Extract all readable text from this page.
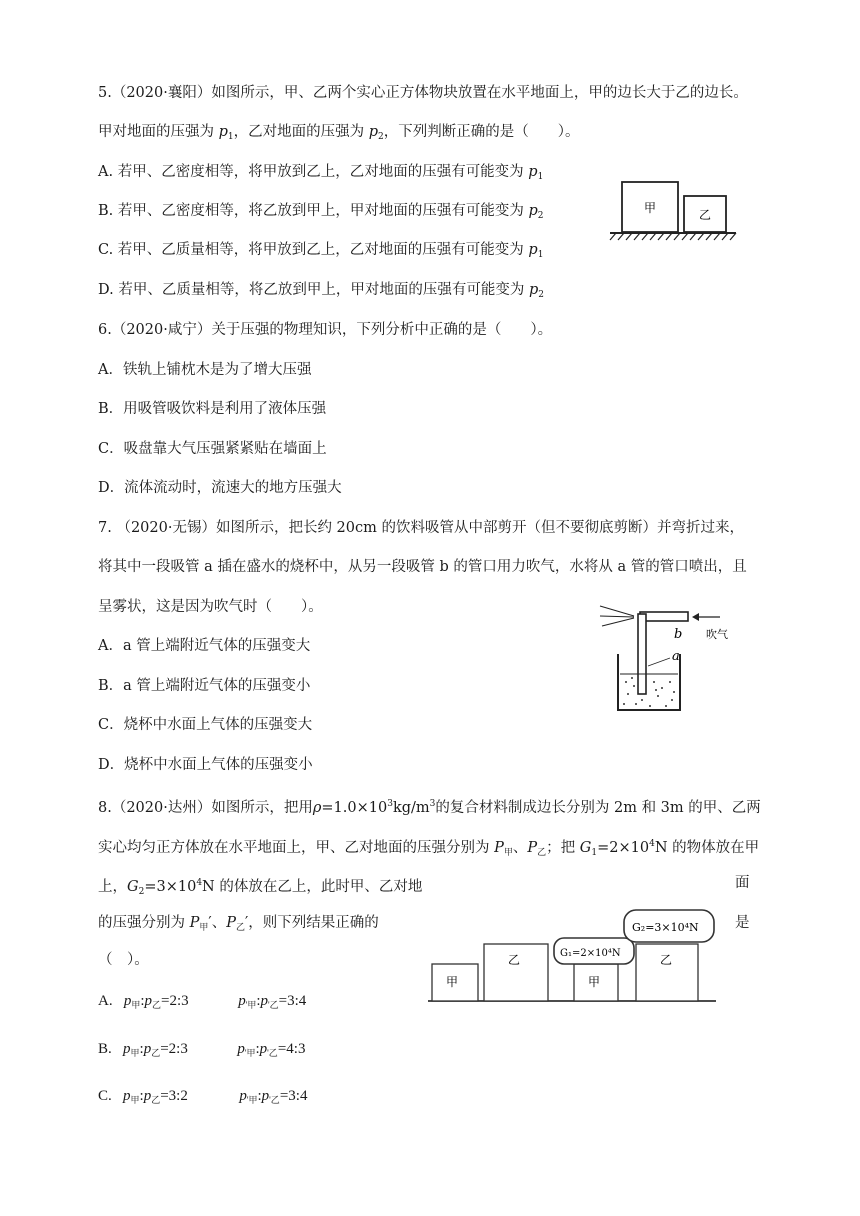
5.（2020·襄阳）如图所示，甲、乙两个实心正方体物块放置在水平地面上，甲的边长大于乙的边长。
甲对地面的压强为 $p_1$，乙对地面的压强为 $p_2$，下列判断正确的是（　　）。
A. 若甲、乙密度相等，将甲放到乙上，乙对地面的压强有可能变为 $p_1$
B. 若甲、乙密度相等，将乙放到甲上，甲对地面的压强有可能变为 $p_2$
C. 若甲、乙质量相等，将甲放到乙上，乙对地面的压强有可能变为 $p_1$
D. 若甲、乙质量相等，将乙放到甲上，甲对地面的压强有可能变为 $p_2$
甲	乙
6.（2020·咸宁）关于压强的物理知识，下列分析中正确的是（　　）。
A．铁轨上铺枕木是为了增大压强
B．用吸管吸饮料是利用了液体压强
C．吸盘靠大气压强紧紧贴在墙面上
D．流体流动时，流速大的地方压强大
7. （2020·无锡）如图所示，把长约 20cm 的饮料吸管从中部剪开（但不要彻底剪断）并弯折过来，
将其中一段吸管 a 插在盛水的烧杯中，从另一段吸管 b 的管口用力吹气，水将从 a 管的管口喷出，且
呈雾状，这是因为吹气时（　　）。
A．a 管上端附近气体的压强变大
B．a 管上端附近气体的压强变小
C．烧杯中水面上气体的压强变大
D．烧杯中水面上气体的压强变小
吹气
b
a
8.（2020·达州）如图所示，把用$\rho=1.0\times 10^3kg/m^3$的复合材料制成边长分别为 2m 和 3m 的甲、乙两
实心均匀正方体放在水平地面上，甲、乙对地面的压强分别为 $P_甲$、$P_乙$；把 $G_1=2\times 10^4N$ 的物体放在甲
上，$G_2=3\times 10^4N$ 的体放在乙上，此时甲、乙对地	面
的压强分别为 $P_甲'$、$P_乙'$，则下列结果正确的	是
（　）。
A. $p_甲:p_乙=2:3$	$p_{'甲}:p_{'乙}=3:4$
B. $p_甲:p_乙=2:3$	$p_{'甲}:p_{'乙}=4:3$
C. $p_甲:p_乙=3:2$	$p_{'甲}:p_{'乙}=3:4$
甲
乙
甲
乙
G₁=2×10⁴N
G₂=3×10⁴N
